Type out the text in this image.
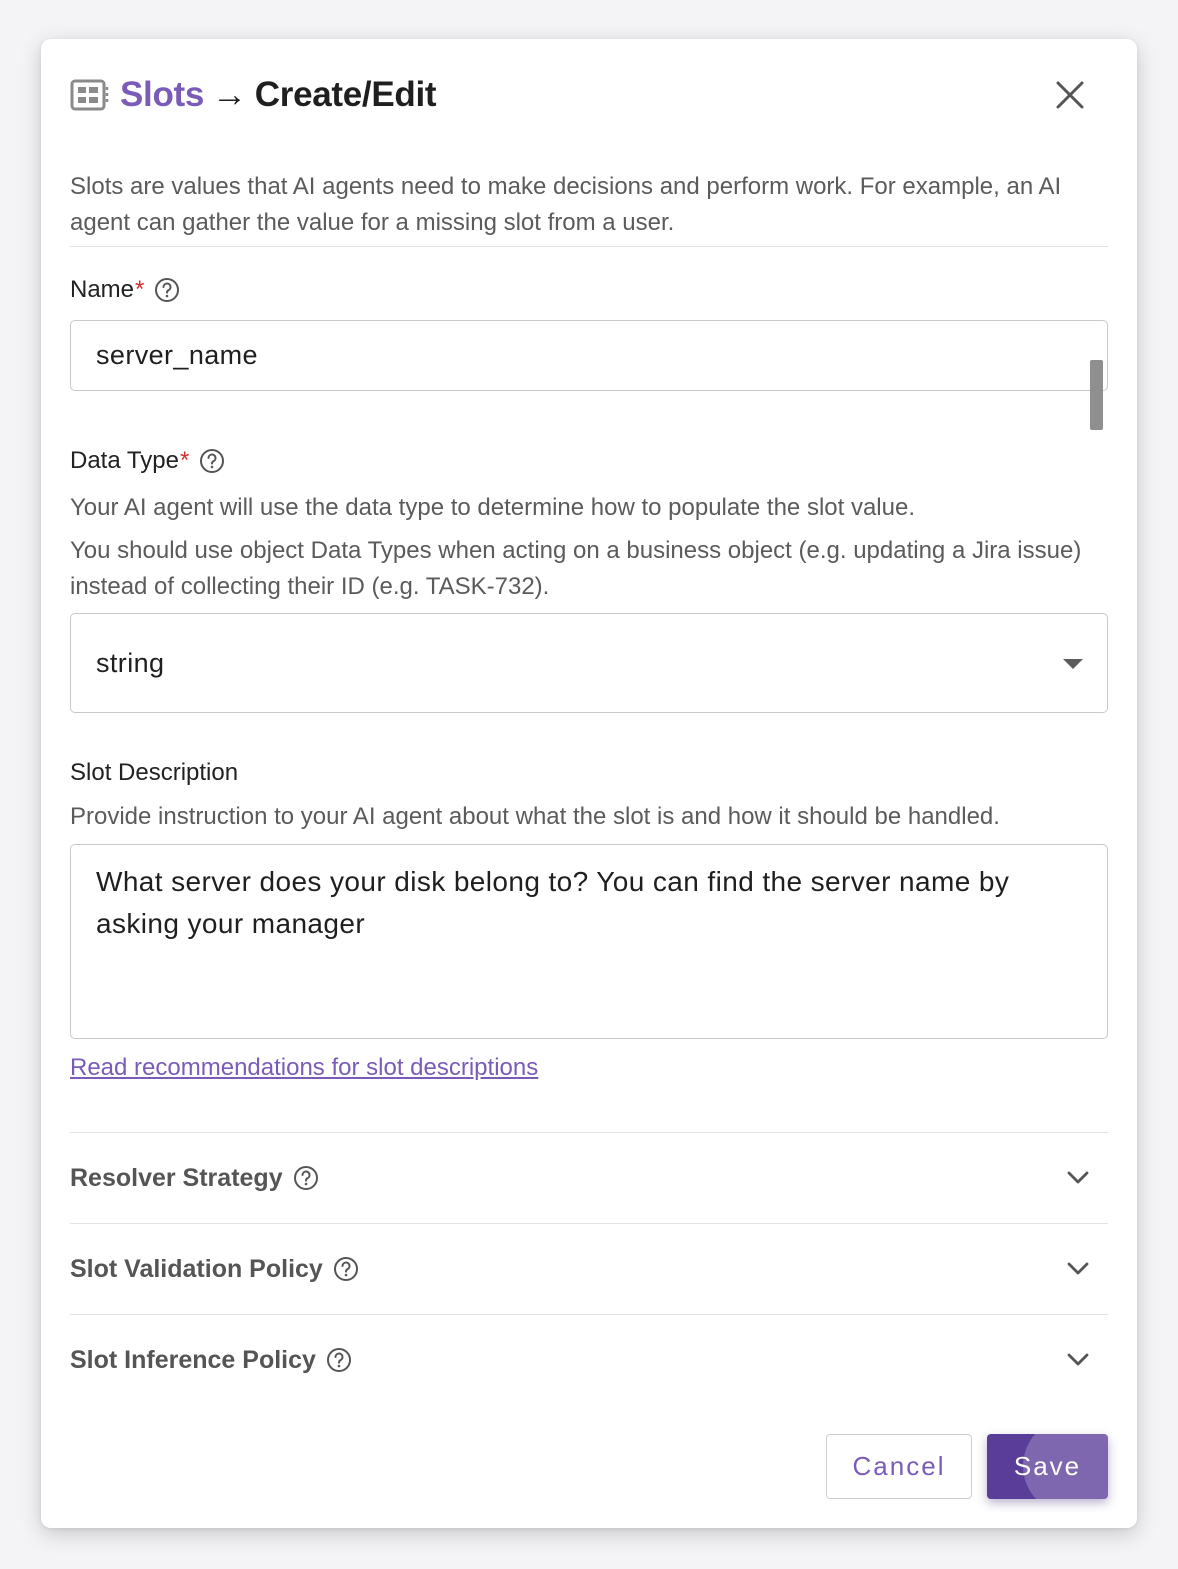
Slots → Create/Edit
Slots are values that AI agents need to make decisions and perform work. For example, an AI agent can gather the value for a missing slot from a user.
Name *
server_name
Data Type *
Your AI agent will use the data type to determine how to populate the slot value.
You should use object Data Types when acting on a business object (e.g. updating a Jira issue) instead of collecting their ID (e.g. TASK-732).
string
Slot Description
Provide instruction to your AI agent about what the slot is and how it should be handled.
What server does your disk belong to? You can find the server name by asking your manager
Read recommendations for slot descriptions
Resolver Strategy
Slot Validation Policy
Slot Inference Policy
Cancel	Save
